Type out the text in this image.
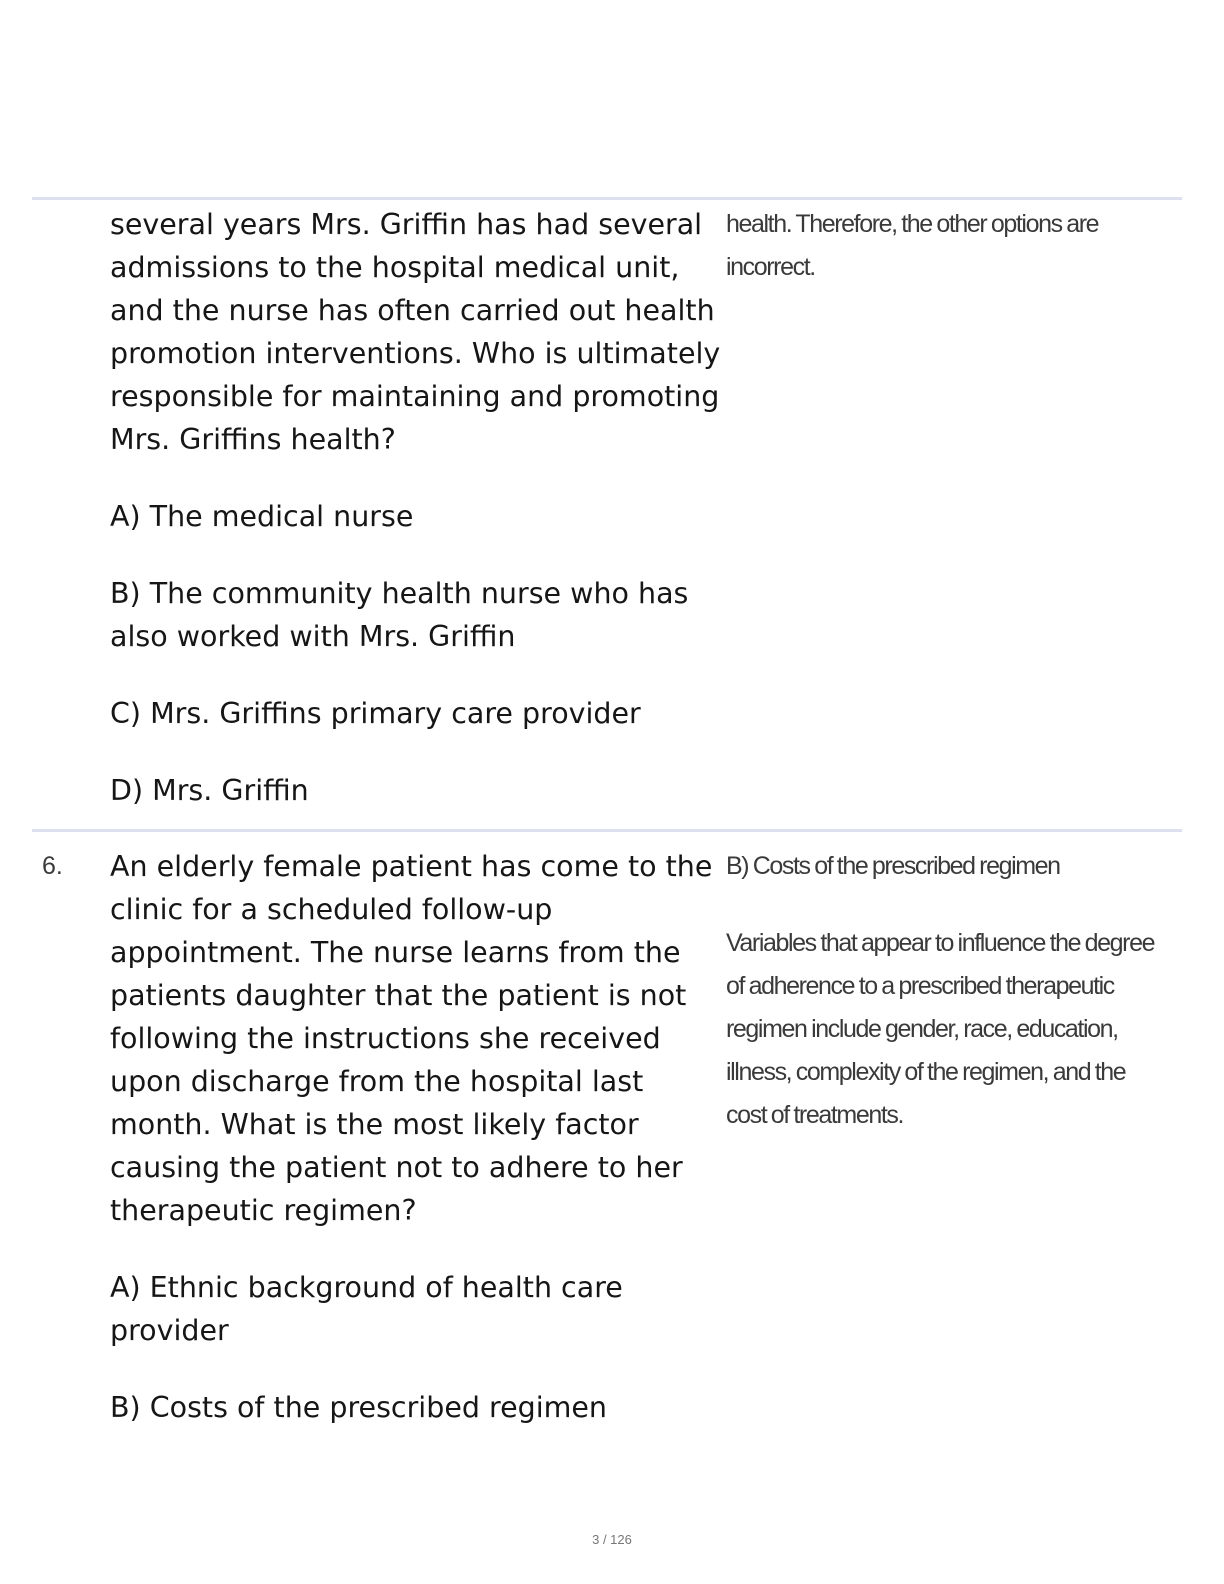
several years Mrs. Griffin has had several admissions to the hospital medical unit, and the nurse has often carried out health promotion interventions. Who is ultimately responsible for maintaining and promoting Mrs. Griffins health?

A) The medical nurse

B) The community health nurse who has also worked with Mrs. Griffin

C) Mrs. Griffins primary care provider

D) Mrs. Griffin

health. Therefore, the other options are incorrect.

6. An elderly female patient has come to the clinic for a scheduled follow-up appointment. The nurse learns from the patients daughter that the patient is not following the instructions she received upon discharge from the hospital last month. What is the most likely factor causing the patient not to adhere to her therapeutic regimen?

A) Ethnic background of health care provider

B) Costs of the prescribed regimen

B) Costs of the prescribed regimen

Variables that appear to influence the degree of adherence to a prescribed therapeutic regimen include gender, race, education, illness, complexity of the regimen, and the cost of treatments.

3 / 126
